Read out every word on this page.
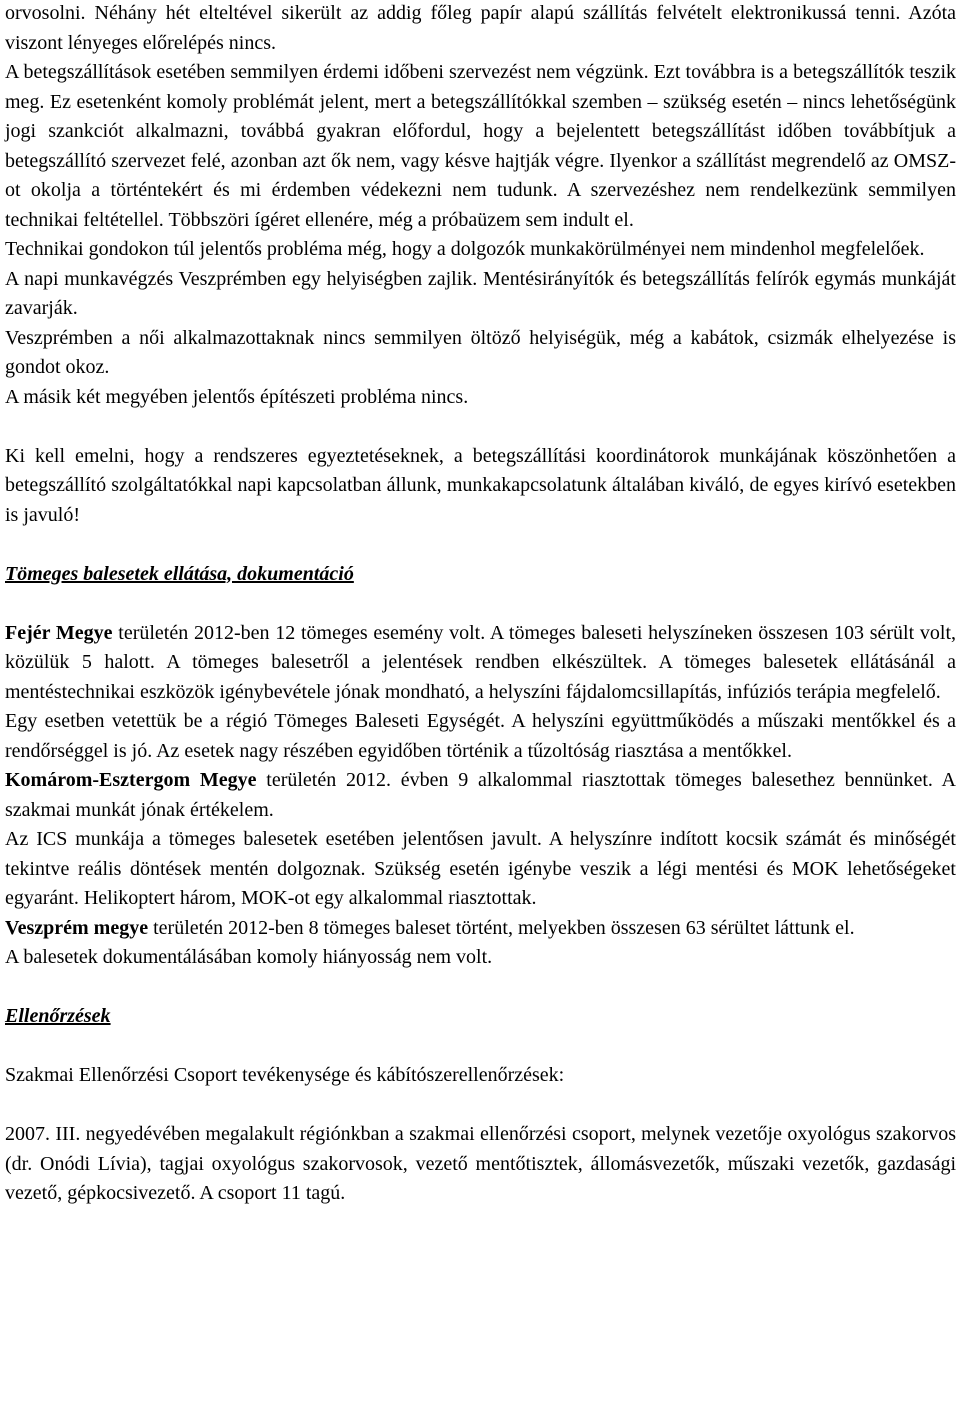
orvosolni. Néhány hét elteltével sikerült az addig főleg papír alapú szállítás felvételt elektronikussá tenni. Azóta viszont lényeges előrelépés nincs.

A betegszállítások esetében semmilyen érdemi időbeni szervezést nem végzünk. Ezt továbbra is a betegszállítók teszik meg. Ez esetenként komoly problémát jelent, mert a betegszállítókkal szemben – szükség esetén – nincs lehetőségünk jogi szankciót alkalmazni, továbbá gyakran előfordul, hogy a bejelentett betegszállítást időben továbbítjuk a betegszállító szervezet felé, azonban azt ők nem, vagy késve hajtják végre. Ilyenkor a szállítást megrendelő az OMSZ-ot okolja a történtekért és mi érdemben védekezni nem tudunk. A szervezéshez nem rendelkezünk semmilyen technikai feltétellel. Többszöri ígéret ellenére, még a próbaüzem sem indult el.

Technikai gondokon túl jelentős probléma még, hogy a dolgozók munkakörülményei nem mindenhol megfelelőek.

A napi munkavégzés Veszprémben egy helyiségben zajlik. Mentésirányítók és betegszállítás felírók egymás munkáját zavarják.

Veszprémben a női alkalmazottaknak nincs semmilyen öltöző helyiségük, még a kabátok, csizmák elhelyezése is gondot okoz.

A másik két megyében jelentős építészeti probléma nincs.

Ki kell emelni, hogy a rendszeres egyeztetéseknek, a betegszállítási koordinátorok munkájának köszönhetően a betegszállító szolgáltatókkal napi kapcsolatban állunk, munkakapcsolatunk általában kiváló, de egyes kirívó esetekben is javuló!

Tömeges balesetek ellátása, dokumentáció

Fejér Megye területén 2012-ben 12 tömeges esemény volt. A tömeges baleseti helyszíneken összesen 103 sérült volt, közülük 5 halott. A tömeges balesetről a jelentések rendben elkészültek. A tömeges balesetek ellátásánál a mentéstechnikai eszközök igénybevétele jónak mondható, a helyszíni fájdalomcsillapítás, infúziós terápia megfelelő.

Egy esetben vetettük be a régió Tömeges Baleseti Egységét. A helyszíni együttműködés a műszaki mentőkkel és a rendőrséggel is jó. Az esetek nagy részében egyidőben történik a tűzoltóság riasztása a mentőkkel.

Komárom-Esztergom Megye területén 2012. évben 9 alkalommal riasztottak tömeges balesethez bennünket. A szakmai munkát jónak értékelem.

Az ICS munkája a tömeges balesetek esetében jelentősen javult. A helyszínre indított kocsik számát és minőségét tekintve reális döntések mentén dolgoznak. Szükség esetén igénybe veszik a légi mentési és MOK lehetőségeket egyaránt. Helikoptert három, MOK-ot egy alkalommal riasztottak.

Veszprém megye területén 2012-ben 8 tömeges baleset történt, melyekben összesen 63 sérültet láttunk el.

A balesetek dokumentálásában komoly hiányosság nem volt.

Ellenőrzések

Szakmai Ellenőrzési Csoport tevékenysége és kábítószerellenőrzések:

2007. III. negyedévében megalakult régiónkban a szakmai ellenőrzési csoport, melynek vezetője oxyológus szakorvos (dr. Onódi Lívia), tagjai oxyológus szakorvosok, vezető mentőtisztek, állomásvezetők, műszaki vezetők, gazdasági vezető, gépkocsivezető. A csoport 11 tagú.
